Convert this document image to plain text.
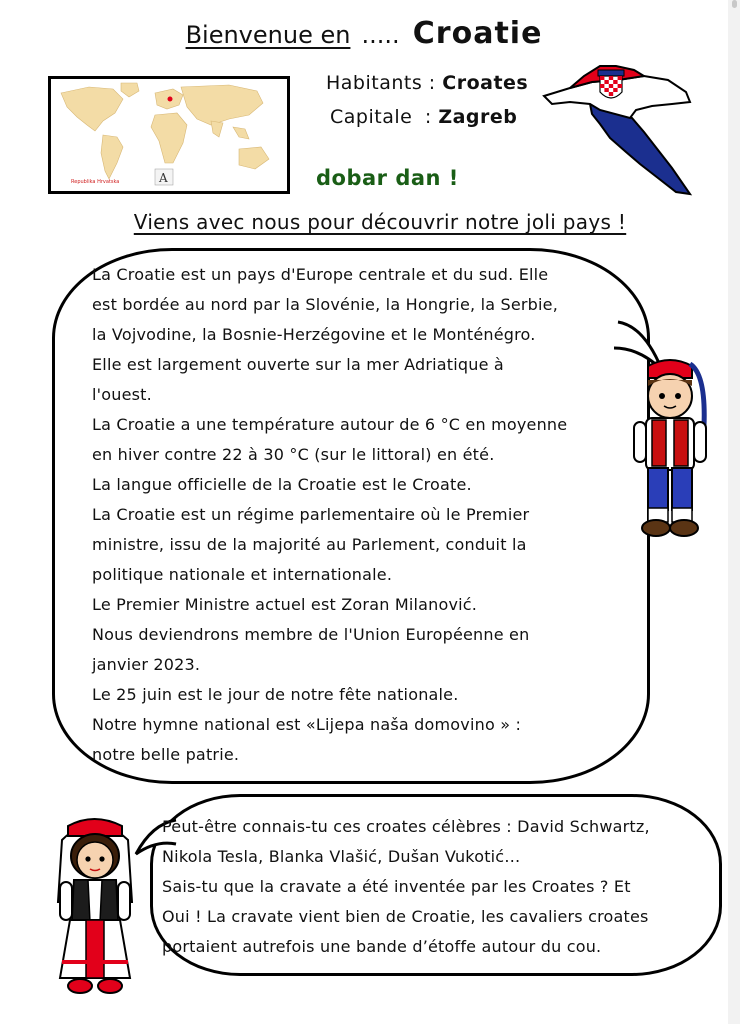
Bienvenue en ..... Croatie
Republika Hrvatska	A
Habitants : Croates
Capitale : Zagreb
dobar dan !
Viens avec nous pour découvrir notre joli pays !

La Croatie est un pays d'Europe centrale et du sud. Elle

est bordée au nord par la Slovénie, la Hongrie, la Serbie,

la Vojvodine, la Bosnie-Herzégovine et le Monténégro.

Elle est largement ouverte sur la mer Adriatique à

l'ouest.

La Croatie a une température autour de 6 °C en moyenne

en hiver contre 22 à 30 °C (sur le littoral) en été.

La langue officielle de la Croatie est le Croate.

La Croatie est un régime parlementaire où le Premier

ministre, issu de la majorité au Parlement, conduit la

politique nationale et internationale.

Le Premier Ministre actuel est Zoran Milanović.

Nous deviendrons membre de l'Union Européenne en

janvier 2023.

Le 25 juin est le jour de notre fête nationale.

Notre hymne national est «Lijepa naša domovino » :

notre belle patrie.

Peut-être connais-tu ces croates célèbres : David Schwartz,

Nikola Tesla, Blanka Vlašić, Dušan Vukotić…

Sais-tu que la cravate a été inventée par les Croates ? Et

Oui ! La cravate vient bien de Croatie, les cavaliers croates

portaient autrefois une bande d’étoffe autour du cou.
